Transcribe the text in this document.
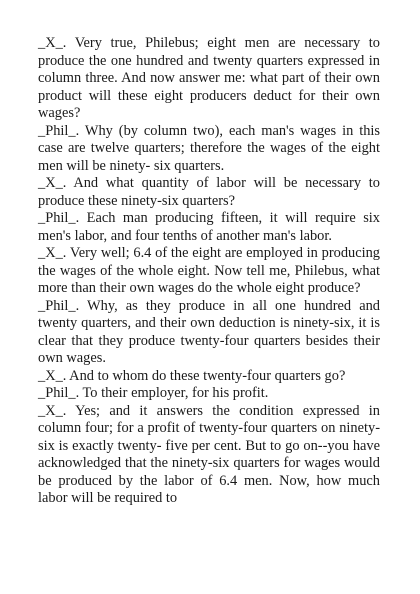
_X_. Very true, Philebus; eight men are necessary to produce the one hundred and twenty quarters expressed in column three. And now answer me: what part of their own product will these eight producers deduct for their own wages?

_Phil_. Why (by column two), each man's wages in this case are twelve quarters; therefore the wages of the eight men will be ninety- six quarters.

_X_. And what quantity of labor will be necessary to produce these ninety-six quarters?

_Phil_. Each man producing fifteen, it will require six men's labor, and four tenths of another man's labor.

_X_. Very well; 6.4 of the eight are employed in producing the wages of the whole eight. Now tell me, Philebus, what more than their own wages do the whole eight produce?

_Phil_. Why, as they produce in all one hundred and twenty quarters, and their own deduction is ninety-six, it is clear that they produce twenty-four quarters besides their own wages.

_X_. And to whom do these twenty-four quarters go?

_Phil_. To their employer, for his profit.

_X_. Yes; and it answers the condition expressed in column four; for a profit of twenty-four quarters on ninety-six is exactly twenty- five per cent. But to go on--you have acknowledged that the ninety-six quarters for wages would be produced by the labor of 6.4 men. Now, how much labor will be required to
